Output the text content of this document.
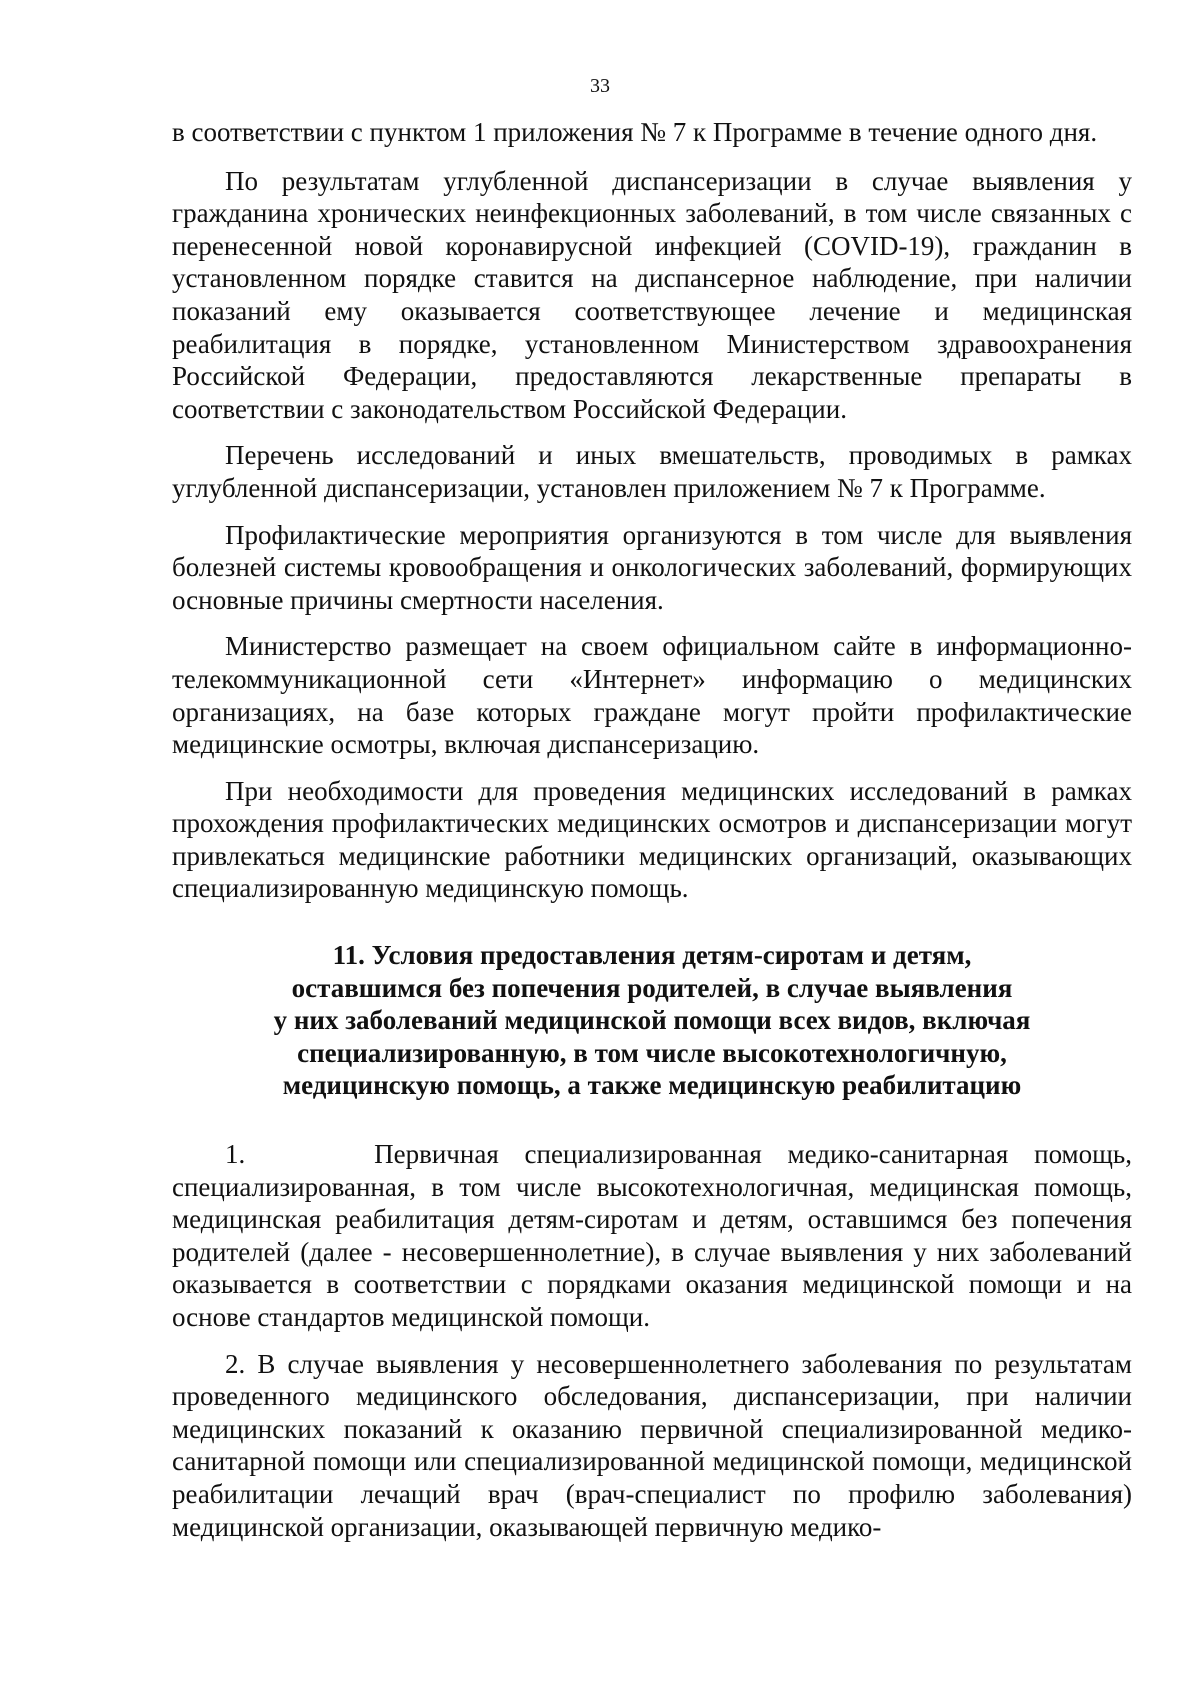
33

в соответствии с пунктом 1 приложения № 7 к Программе в течение одного дня.

По результатам углубленной диспансеризации в случае выявления у гражданина хронических неинфекционных заболеваний, в том числе связанных с перенесенной новой коронавирусной инфекцией (COVID-19), гражданин в установленном порядке ставится на диспансерное наблюдение, при наличии показаний ему оказывается соответствующее лечение и медицинская реабилитация в порядке, установленном Министерством здравоохранения Российской Федерации, предоставляются лекарственные препараты в соответствии с законодательством Российской Федерации.

Перечень исследований и иных вмешательств, проводимых в рамках углубленной диспансеризации, установлен приложением № 7 к Программе.

Профилактические мероприятия организуются в том числе для выявления болезней системы кровообращения и онкологических заболеваний, формирующих основные причины смертности населения.

Министерство размещает на своем официальном сайте в информационно-телекоммуникационной сети «Интернет» информацию о медицинских организациях, на базе которых граждане могут пройти профилактические медицинские осмотры, включая диспансеризацию.

При необходимости для проведения медицинских исследований в рамках прохождения профилактических медицинских осмотров и диспансеризации могут привлекаться медицинские работники медицинских организаций, оказывающих специализированную медицинскую помощь.

11. Условия предоставления детям-сиротам и детям,
оставшимся без попечения родителей, в случае выявления
у них заболеваний медицинской помощи всех видов, включая
специализированную, в том числе высокотехнологичную,
медицинскую помощь, а также медицинскую реабилитацию

1.     Первичная специализированная медико-санитарная помощь, специализированная, в том числе высокотехнологичная, медицинская помощь, медицинская реабилитация детям-сиротам и детям, оставшимся без попечения родителей (далее - несовершеннолетние), в случае выявления у них заболеваний оказывается в соответствии с порядками оказания медицинской помощи и на основе стандартов медицинской помощи.

2. В случае выявления у несовершеннолетнего заболевания по результатам проведенного медицинского обследования, диспансеризации, при наличии медицинских показаний к оказанию первичной специализированной медико-санитарной помощи или специализированной медицинской помощи, медицинской реабилитации лечащий врач (врач-специалист по профилю заболевания) медицинской организации, оказывающей первичную медико-
